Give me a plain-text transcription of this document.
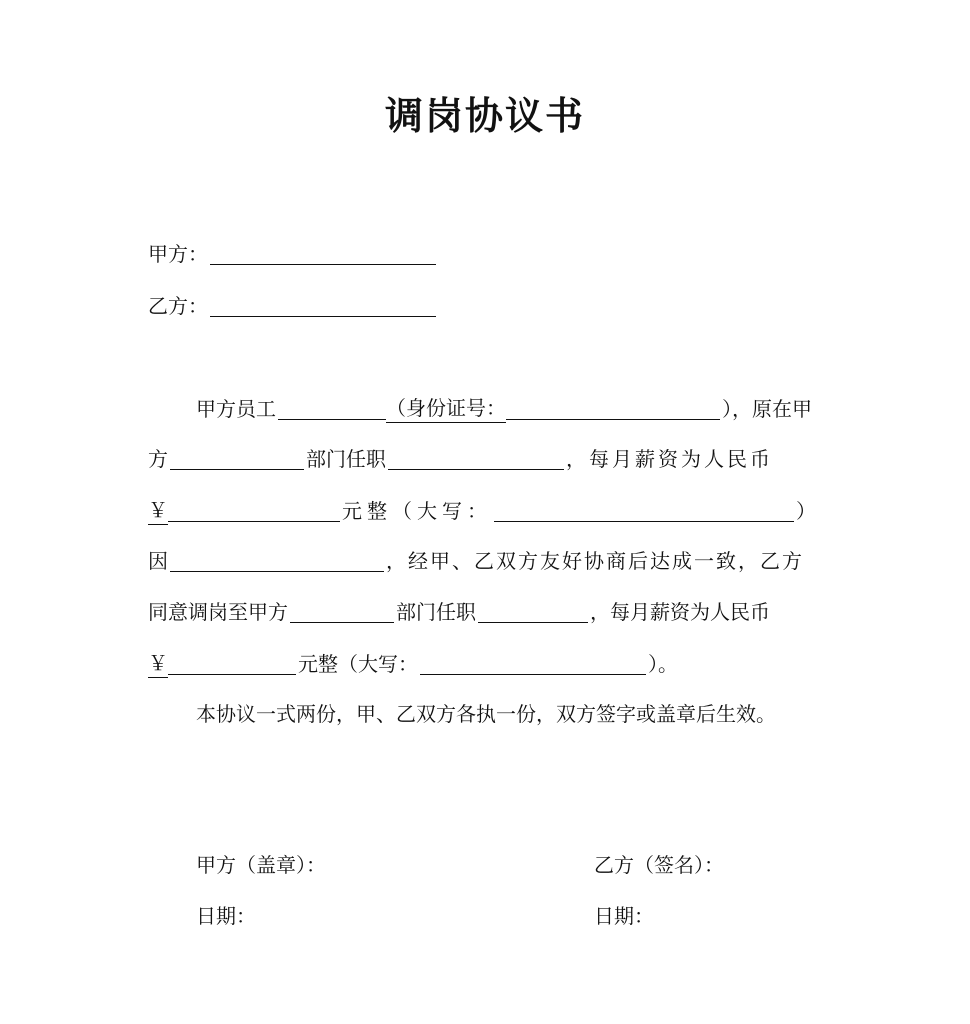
调岗协议书
甲方：
乙方：
甲方员工	（身份证号：	），原在甲
方	部门任职	，每月薪资为人民币
￥	元整（大写：	）
因	，经甲、乙双方友好协商后达成一致，乙方
同意调岗至甲方	部门任职	，每月薪资为人民币
￥	元整（大写：	）。
本协议一式两份，甲、乙双方各执一份，双方签字或盖章后生效。
甲方（盖章）：	乙方（签名）：
日期：	日期：
